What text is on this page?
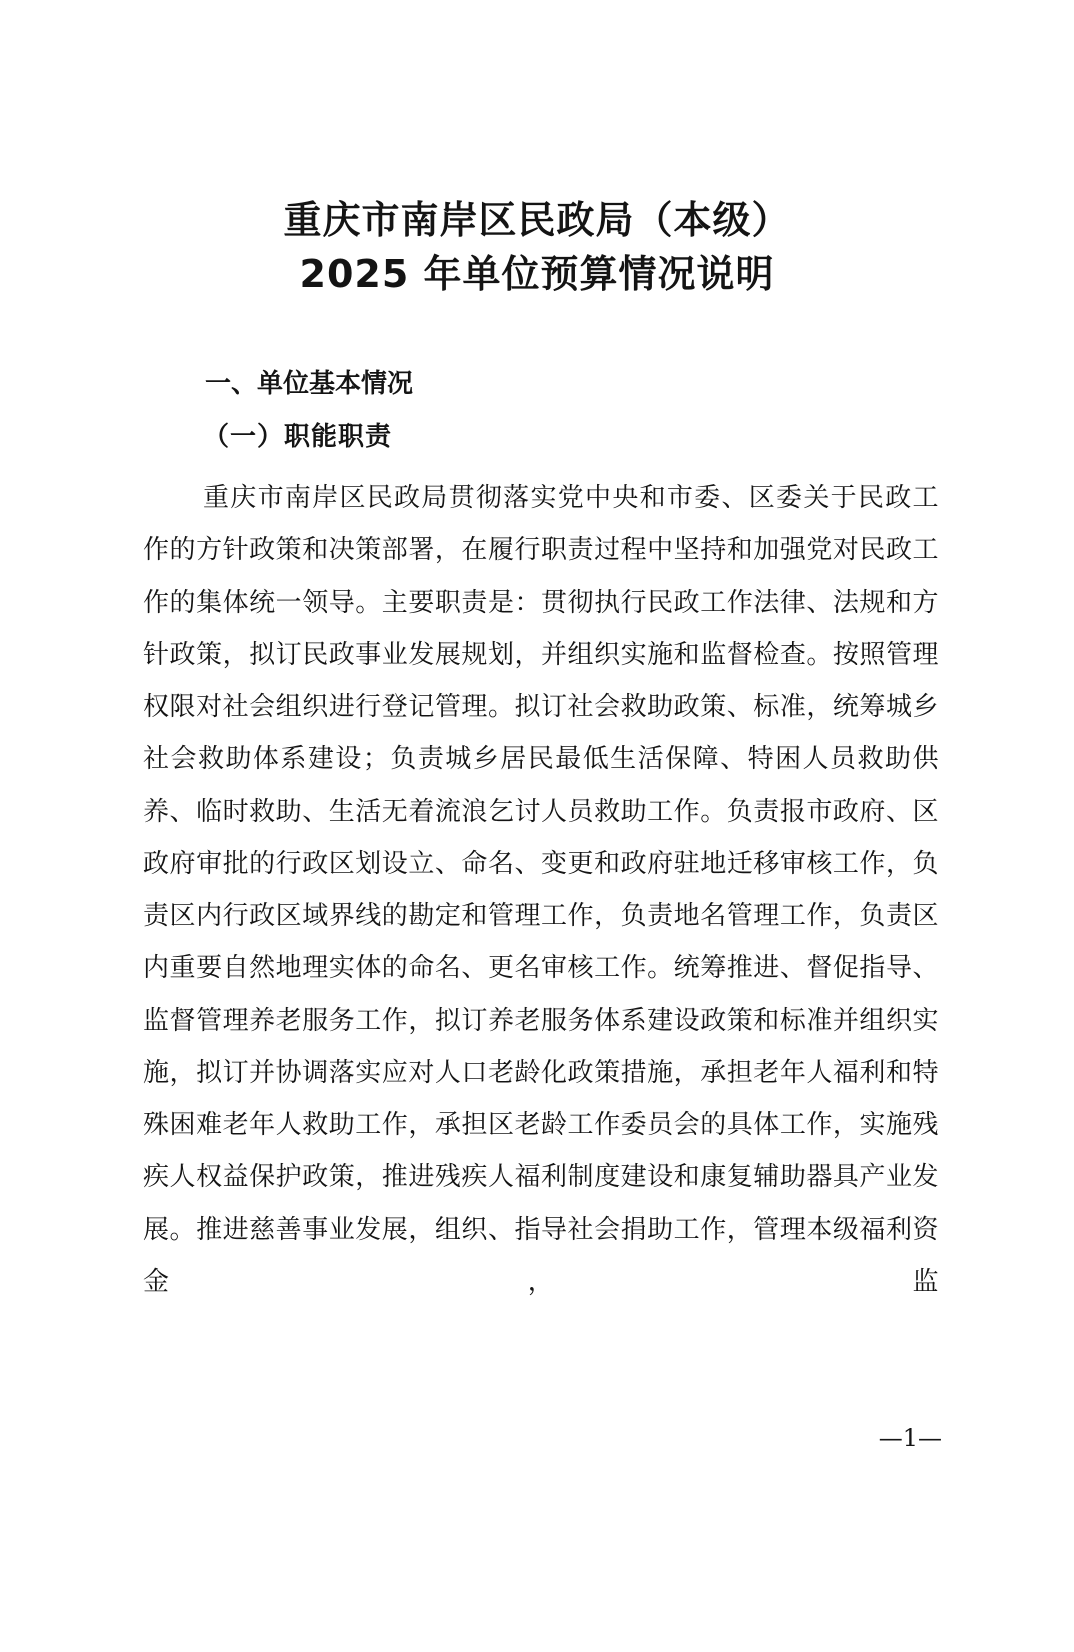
重庆市南岸区民政局（本级）
2025 年单位预算情况说明
一、单位基本情况
（一）职能职责

重庆市南岸区民政局贯彻落实党中央和市委、区委关于民政工作的方针政策和决策部署，在履行职责过程中坚持和加强党对民政工作的集体统一领导。主要职责是：贯彻执行民政工作法律、法规和方针政策，拟订民政事业发展规划，并组织实施和监督检查。按照管理权限对社会组织进行登记管理。拟订社会救助政策、标准，统筹城乡社会救助体系建设；负责城乡居民最低生活保障、特困人员救助供养、临时救助、生活无着流浪乞讨人员救助工作。负责报市政府、区政府审批的行政区划设立、命名、变更和政府驻地迁移审核工作，负责区内行政区域界线的勘定和管理工作，负责地名管理工作，负责区内重要自然地理实体的命名、更名审核工作。统筹推进、督促指导、监督管理养老服务工作，拟订养老服务体系建设政策和标准并组织实施，拟订并协调落实应对人口老龄化政策措施，承担老年人福利和特殊困难老年人救助工作，承担区老龄工作委员会的具体工作，实施残疾人权益保护政策，推进残疾人福利制度建设和康复辅助器具产业发展。推进慈善事业发展，组织、指导社会捐助工作，管理本级福利资金，监

—1—
